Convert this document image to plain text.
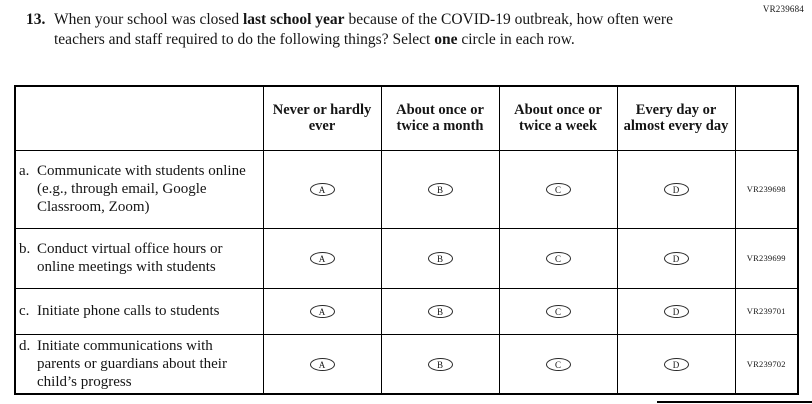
VR239684
13. When your school was closed last school year because of the COVID-19 outbreak, how often were teachers and staff required to do the following things? Select one circle in each row.
	Never or hardly ever	About once or twice a month	About once or twice a week	Every day or almost every day	

a. Communicate with students online (e.g., through email, Google Classroom, Zoom)	A	B	C	D	VR239698

b. Conduct virtual office hours or online meetings with students	A	B	C	D	VR239699

c. Initiate phone calls to students	A	B	C	D	VR239701

d. Initiate communications with parents or guardians about their child’s progress	A	B	C	D	VR239702
